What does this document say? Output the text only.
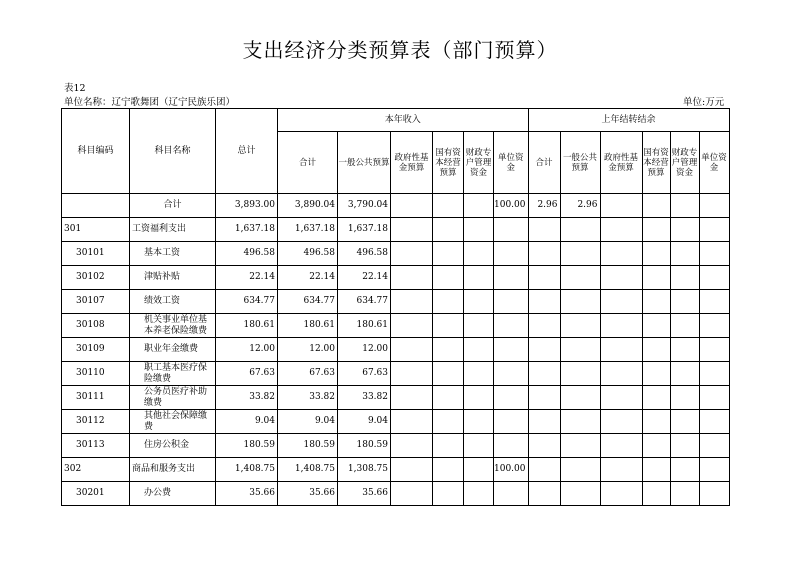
支出经济分类预算表（部门预算）
表12
单位名称：辽宁歌舞团（辽宁民族乐团）	单位:万元
科目编码	科目名称	总计	本年收入						上年结转结余					
			合计	一般公共预算	政府性基金预算	国有资本经营预算	财政专户管理资金	单位资金	合计	一般公共预算	政府性基金预算	国有资本经营预算	财政专户管理资金	单位资金
	合计	3,893.00	3,890.04	3,790.04				100.00	2.96	2.96				
301	工资福利支出	1,637.18	1,637.18	1,637.18										
30101	基本工资	496.58	496.58	496.58										
30102	津贴补贴	22.14	22.14	22.14										
30107	绩效工资	634.77	634.77	634.77										
30108	机关事业单位基本养老保险缴费	180.61	180.61	180.61										
30109	职业年金缴费	12.00	12.00	12.00										
30110	职工基本医疗保险缴费	67.63	67.63	67.63										
30111	公务员医疗补助缴费	33.82	33.82	33.82										
30112	其他社会保障缴费	9.04	9.04	9.04										
30113	住房公积金	180.59	180.59	180.59										
302	商品和服务支出	1,408.75	1,408.75	1,308.75				100.00						
30201	办公费	35.66	35.66	35.66										
